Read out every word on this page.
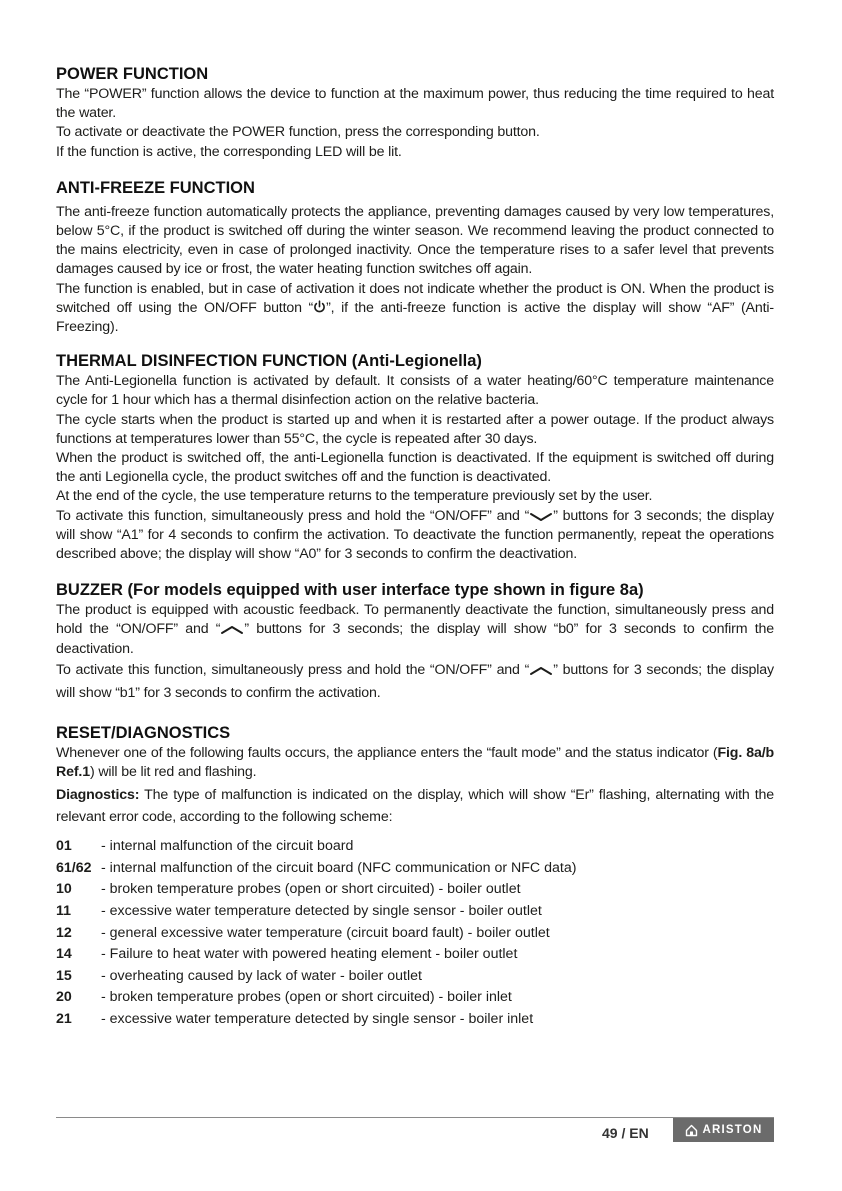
POWER FUNCTION

The “POWER” function allows the device to function at the maximum power, thus reducing the time required to heat the water.

To activate or deactivate the POWER function, press the corresponding button.

If the function is active, the corresponding LED will be lit.

ANTI-FREEZE FUNCTION

The anti-freeze function automatically protects the appliance, preventing damages caused by very low temperatures, below 5°C, if the product is switched off during the winter season. We recommend leaving the product connected to the mains electricity, even in case of prolonged inactivity. Once the temperature rises to a safer level that prevents damages caused by ice or frost, the water heating function switches off again.

The function is enabled, but in case of activation it does not indicate whether the product is ON. When the product is switched off using the ON/OFF button “ ”, if the anti-freeze function is active the display will show “AF” (Anti-Freezing).

THERMAL DISINFECTION FUNCTION (Anti-Legionella)

The Anti-Legionella function is activated by default. It consists of a water heating/60°C temperature maintenance cycle for 1 hour which has a thermal disinfection action on the relative bacteria.

The cycle starts when the product is started up and when it is restarted after a power outage. If the product always functions at temperatures lower than 55°C, the cycle is repeated after 30 days.

When the product is switched off, the anti-Legionella function is deactivated. If the equipment is switched off during the anti Legionella cycle, the product switches off and the function is deactivated.

At the end of the cycle, the use temperature returns to the temperature previously set by the user.

To activate this function, simultaneously press and hold the “ON/OFF” and “ ” buttons for 3 seconds; the display will show “A1” for 4 seconds to confirm the activation. To deactivate the function permanently, repeat the operations described above; the display will show “A0” for 3 seconds to confirm the deactivation.

BUZZER (For models equipped with user interface type shown in figure 8a)

The product is equipped with acoustic feedback. To permanently deactivate the function, simultaneously press and hold the “ON/OFF” and “ ” buttons for 3 seconds; the display will show “b0” for 3 seconds to confirm the deactivation.

To activate this function, simultaneously press and hold the “ON/OFF” and “ ” buttons for 3 seconds; the display will show “b1” for 3 seconds to confirm the activation.

RESET/DIAGNOSTICS

Whenever one of the following faults occurs, the appliance enters the “fault mode” and the status indicator (Fig. 8a/b Ref.1) will be lit red and flashing.

Diagnostics: The type of malfunction is indicated on the display, which will show “Er” flashing, alternating with the relevant error code, according to the following scheme:

01	- internal malfunction of the circuit board
61/62 - internal malfunction of the circuit board (NFC communication or NFC data)
10	- broken temperature probes (open or short circuited) - boiler outlet
11	- excessive water temperature detected by single sensor - boiler outlet
12	- general excessive water temperature (circuit board fault) - boiler outlet
14	- Failure to heat water with powered heating element - boiler outlet
15	- overheating caused by lack of water - boiler outlet
20	- broken temperature probes (open or short circuited) - boiler inlet
21	- excessive water temperature detected by single sensor - boiler inlet
49 / EN	ARISTON
